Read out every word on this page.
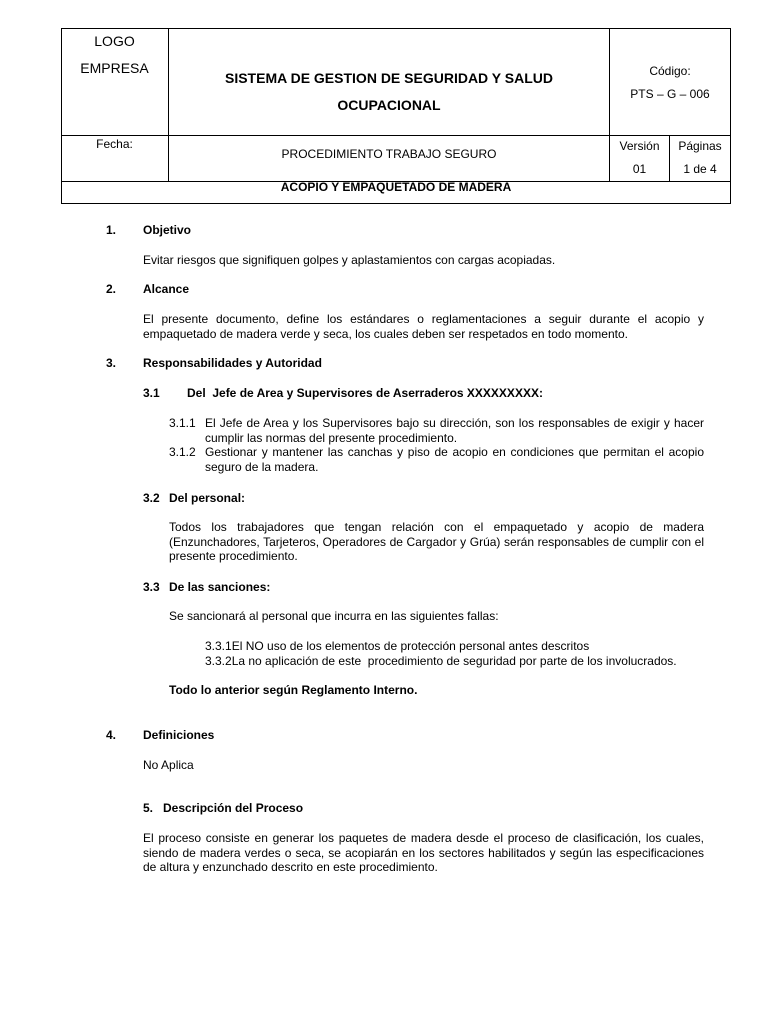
LOGO
EMPRESA
SISTEMA DE GESTION DE SEGURIDAD Y SALUD
OCUPACIONAL
Código:
PTS – G – 006
Fecha:
PROCEDIMIENTO TRABAJO SEGURO
Versión
01
Páginas
1 de 4
ACOPIO Y EMPAQUETADO DE MADERA
1. Objetivo
Evitar riesgos que signifiquen golpes y aplastamientos con cargas acopiadas.
2. Alcance
El presente documento, define los estándares o reglamentaciones a seguir durante el acopio y empaquetado de madera verde y seca, los cuales deben ser respetados en todo momento.
3. Responsabilidades y Autoridad
3.1 Del  Jefe de Area y Supervisores de Aserraderos XXXXXXXXX:
3.1.1 El Jefe de Area y los Supervisores bajo su dirección, son los responsables de exigir y hacer cumplir las normas del presente procedimiento.
3.1.2 Gestionar y mantener las canchas y piso de acopio en condiciones que permitan el acopio seguro de la madera.
3.2 Del personal:
Todos los trabajadores que tengan relación con el empaquetado y acopio de madera (Enzunchadores, Tarjeteros, Operadores de Cargador y Grúa) serán responsables de cumplir con el presente procedimiento.
3.3 De las sanciones:
Se sancionará al personal que incurra en las siguientes fallas:
3.3.1El NO uso de los elementos de protección personal antes descritos
3.3.2La no aplicación de este  procedimiento de seguridad por parte de los involucrados.
Todo lo anterior según Reglamento Interno.
4. Definiciones
No Aplica
5.   Descripción del Proceso
El proceso consiste en generar los paquetes de madera desde el proceso de clasificación, los cuales, siendo de madera verdes o seca, se acopiarán en los sectores habilitados y según las especificaciones de altura y enzunchado descrito en este procedimiento.
